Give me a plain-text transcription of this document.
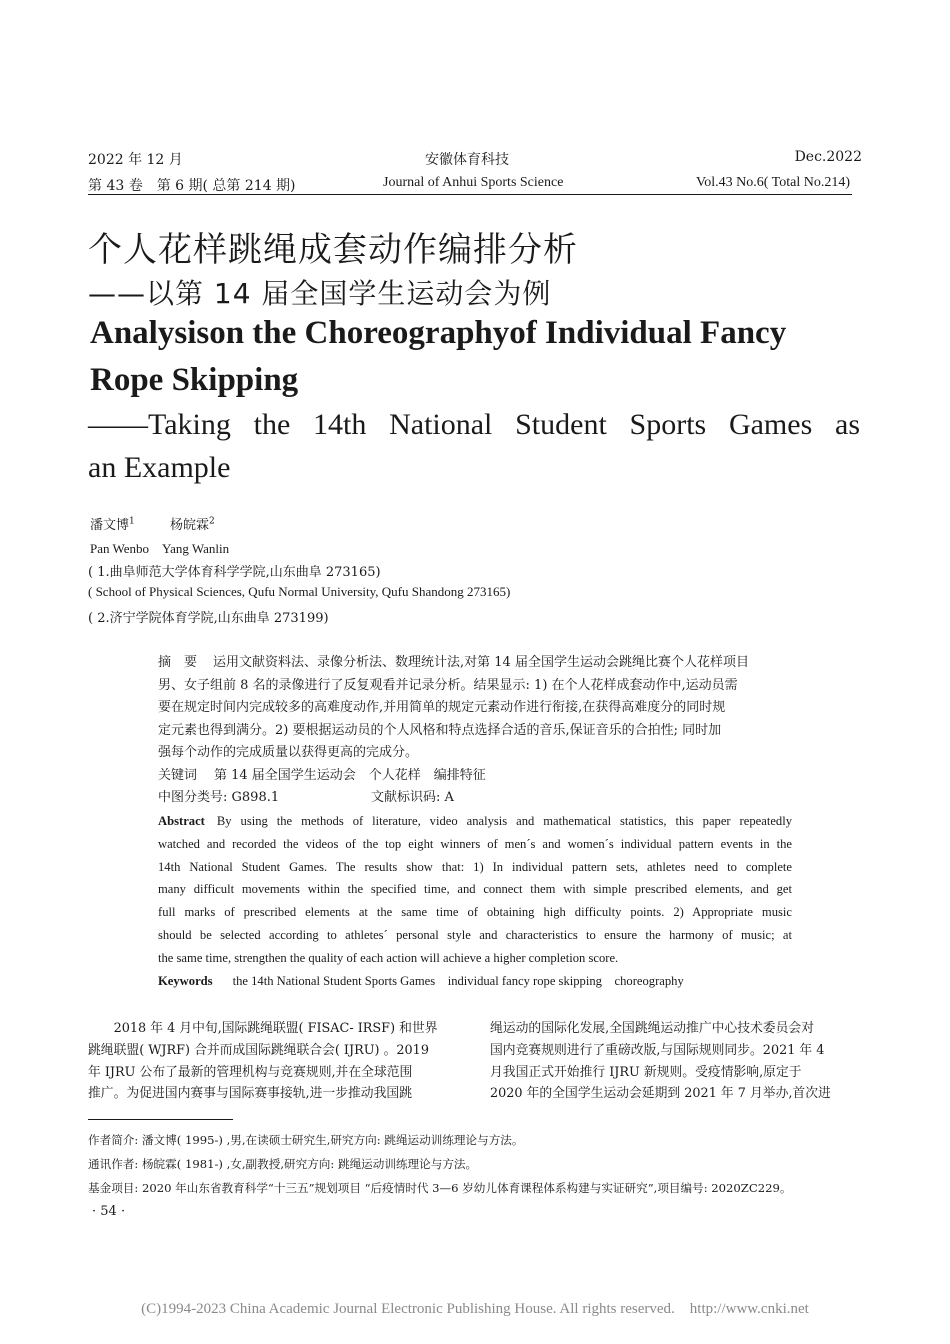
2022 年 12 月	安徽体育科技	Dec.2022
第 43 卷　第 6 期( 总第 214 期)	Journal of Anhui Sports Science	Vol.43 No.6( Total No.214)
个人花样跳绳成套动作编排分析
——以第 14 届全国学生运动会为例
Analysison the Choreographyof Individual Fancy
Rope Skipping
——Taking the 14th National Student Sports Games as
an Example
潘文博$^1$	杨皖霖$^2$
Pan Wenbo　Yang Wanlin
( 1.曲阜师范大学体育科学学院,山东曲阜 273165)
( School of Physical Sciences, Qufu Normal University, Qufu Shandong 273165)
( 2.济宁学院体育学院,山东曲阜 273199)
摘　要 运用文献资料法、录像分析法、数理统计法,对第 14 届全国学生运动会跳绳比赛个人花样项目
男、女子组前 8 名的录像进行了反复观看并记录分析。结果显示: 1) 在个人花样成套动作中,运动员需
要在规定时间内完成较多的高难度动作,并用简单的规定元素动作进行衔接,在获得高难度分的同时规
定元素也得到满分。2) 要根据运动员的个人风格和特点选择合适的音乐,保证音乐的合拍性; 同时加
强每个动作的完成质量以获得更高的完成分。
关键词 第 14 届全国学生运动会　个人花样　编排特征
中图分类号: G898.1	文献标识码: A
Abstract By using the methods of literature, video analysis and mathematical statistics, this paper repeatedly
watched and recorded the videos of the top eight winners of men´s and women´s individual pattern events in the
14th National Student Games. The results show that: 1) In individual pattern sets, athletes need to complete
many difficult movements within the specified time, and connect them with simple prescribed elements, and get
full marks of prescribed elements at the same time of obtaining high difficulty points. 2) Appropriate music
should be selected according to athletes´ personal style and characteristics to ensure the harmony of music; at
the same time, strengthen the quality of each action will achieve a higher completion score.
Keywords the 14th National Student Sports Games　individual fancy rope skipping　choreography
　　2018 年 4 月中旬,国际跳绳联盟( FISAC- IRSF) 和世界
跳绳联盟( WJRF) 合并而成国际跳绳联合会( IJRU) 。2019
年 IJRU 公布了最新的管理机构与竞赛规则,并在全球范围
推广。为促进国内赛事与国际赛事接轨,进一步推动我国跳
绳运动的国际化发展,全国跳绳运动推广中心技术委员会对
国内竞赛规则进行了重磅改版,与国际规则同步。2021 年 4
月我国正式开始推行 IJRU 新规则。受疫情影响,原定于
2020 年的全国学生运动会延期到 2021 年 7 月举办,首次进
作者简介: 潘文博( 1995-) ,男,在读硕士研究生,研究方向: 跳绳运动训练理论与方法。
通讯作者: 杨皖霖( 1981-) ,女,副教授,研究方向: 跳绳运动训练理论与方法。
基金项目: 2020 年山东省教育科学“十三五”规划项目 “后疫情时代 3—6 岁幼儿体育课程体系构建与实证研究”,项目编号: 2020ZC229。
· 54 ·
(C)1994-2023 China Academic Journal Electronic Publishing House. All rights reserved.　http://www.cnki.net
